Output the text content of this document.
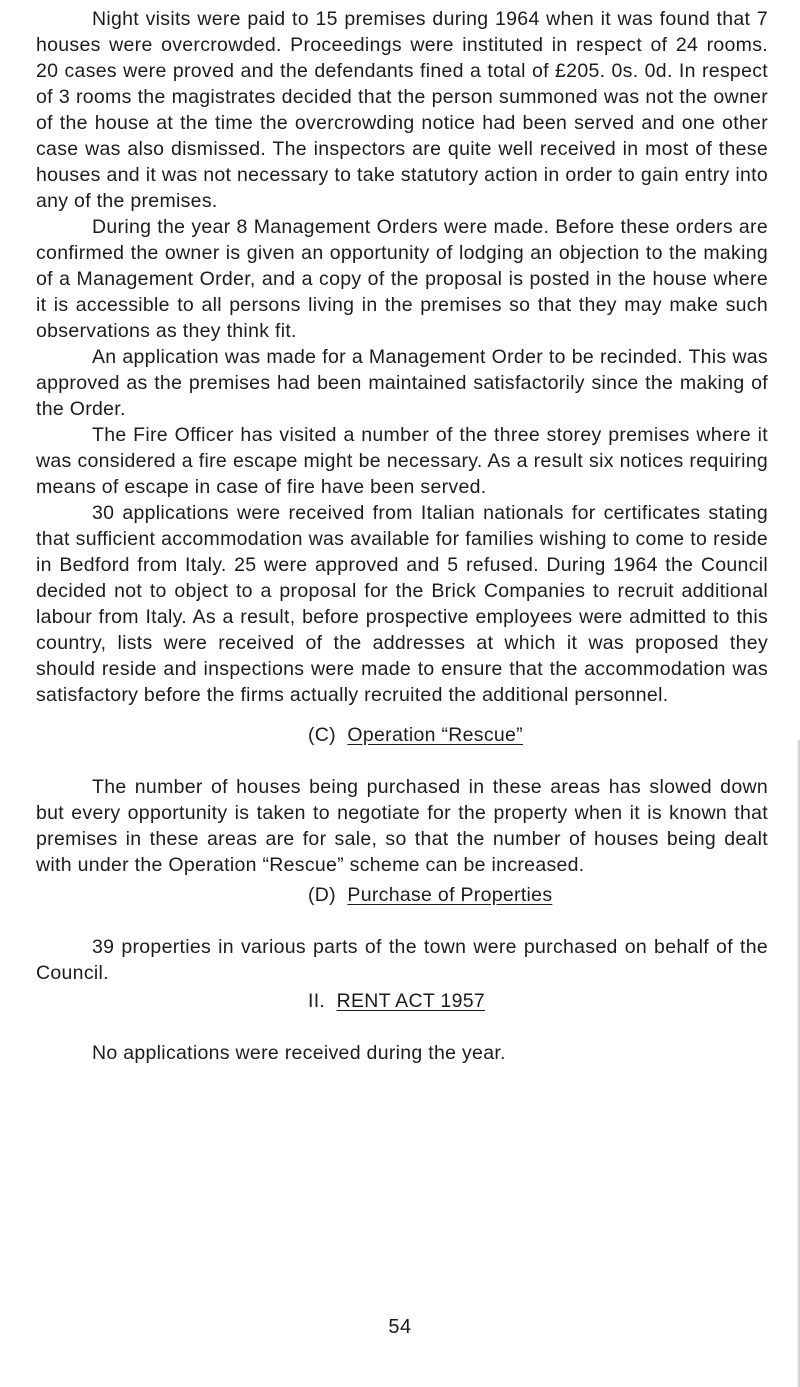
Night visits were paid to 15 premises during 1964 when it was found that 7 houses were overcrowded. Proceedings were instituted in respect of 24 rooms. 20 cases were proved and the defendants fined a total of £205. 0s. 0d. In respect of 3 rooms the magistrates decided that the person summoned was not the owner of the house at the time the overcrowding notice had been served and one other case was also dismissed. The inspectors are quite well received in most of these houses and it was not necessary to take statutory action in order to gain entry into any of the premises.

During the year 8 Management Orders were made. Before these orders are confirmed the owner is given an opportunity of lodging an objection to the making of a Management Order, and a copy of the proposal is posted in the house where it is accessible to all persons living in the premises so that they may make such observations as they think fit.

An application was made for a Management Order to be recinded. This was approved as the premises had been maintained satisfactorily since the making of the Order.

The Fire Officer has visited a number of the three storey premises where it was considered a fire escape might be necessary. As a result six notices requiring means of escape in case of fire have been served.

30 applications were received from Italian nationals for certificates stating that sufficient accommodation was available for families wishing to come to reside in Bedford from Italy. 25 were approved and 5 refused. During 1964 the Council decided not to object to a proposal for the Brick Companies to recruit additional labour from Italy. As a result, before prospective employees were admitted to this country, lists were received of the addresses at which it was proposed they should reside and inspections were made to ensure that the accommodation was satisfactory before the firms actually recruited the additional personnel.

(C) Operation “Rescue”

The number of houses being purchased in these areas has slowed down but every opportunity is taken to negotiate for the property when it is known that premises in these areas are for sale, so that the number of houses being dealt with under the Operation “Rescue” scheme can be increased.

(D) Purchase of Properties

39 properties in various parts of the town were purchased on behalf of the Council.

II. RENT ACT 1957

No applications were received during the year.

54
